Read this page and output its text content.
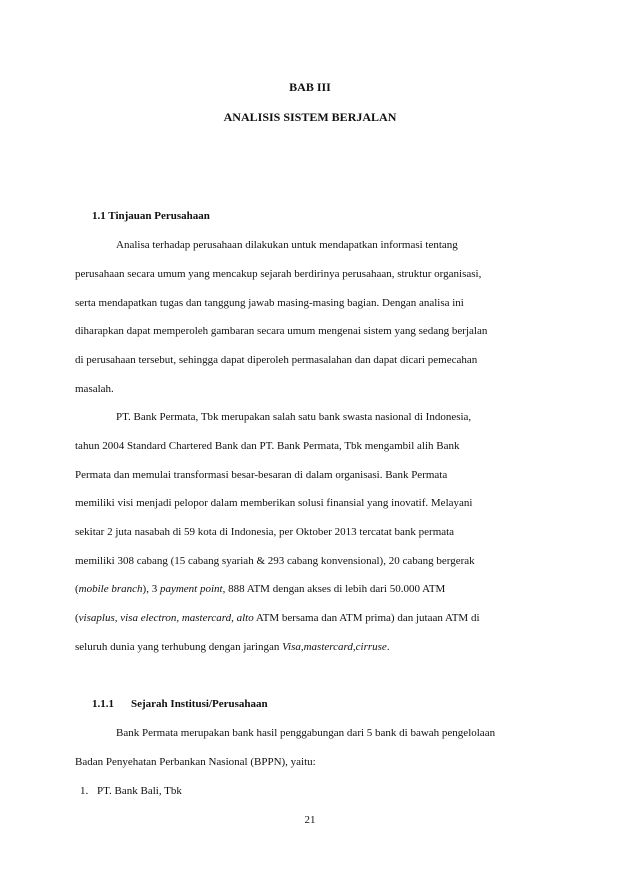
BAB III
ANALISIS SISTEM BERJALAN
1.1 Tinjauan Perusahaan
Analisa terhadap perusahaan dilakukan untuk mendapatkan informasi tentang
perusahaan secara umum yang mencakup sejarah berdirinya perusahaan, struktur organisasi,
serta mendapatkan tugas dan tanggung jawab masing-masing bagian. Dengan analisa ini
diharapkan dapat memperoleh gambaran secara umum mengenai sistem yang sedang berjalan
di perusahaan tersebut, sehingga dapat diperoleh permasalahan dan dapat dicari pemecahan
masalah.
PT. Bank Permata, Tbk merupakan salah satu bank swasta nasional di Indonesia,
tahun 2004 Standard Chartered Bank dan PT. Bank Permata, Tbk mengambil alih Bank
Permata dan memulai transformasi besar-besaran di dalam organisasi. Bank Permata
memiliki visi menjadi pelopor dalam memberikan solusi finansial yang inovatif. Melayani
sekitar 2 juta nasabah di 59 kota di Indonesia, per Oktober 2013 tercatat bank permata
memiliki 308 cabang (15 cabang syariah & 293 cabang konvensional), 20 cabang bergerak
(mobile branch), 3 payment point, 888 ATM dengan akses di lebih dari 50.000 ATM
(visaplus, visa electron, mastercard, alto ATM bersama dan ATM prima) dan jutaan ATM di
seluruh dunia yang terhubung dengan jaringan Visa,mastercard,cirruse.
1.1.1 Sejarah Institusi/Perusahaan
Bank Permata merupakan bank hasil penggabungan dari 5 bank di bawah pengelolaan
Badan Penyehatan Perbankan Nasional (BPPN), yaitu:
1. PT. Bank Bali, Tbk
21
